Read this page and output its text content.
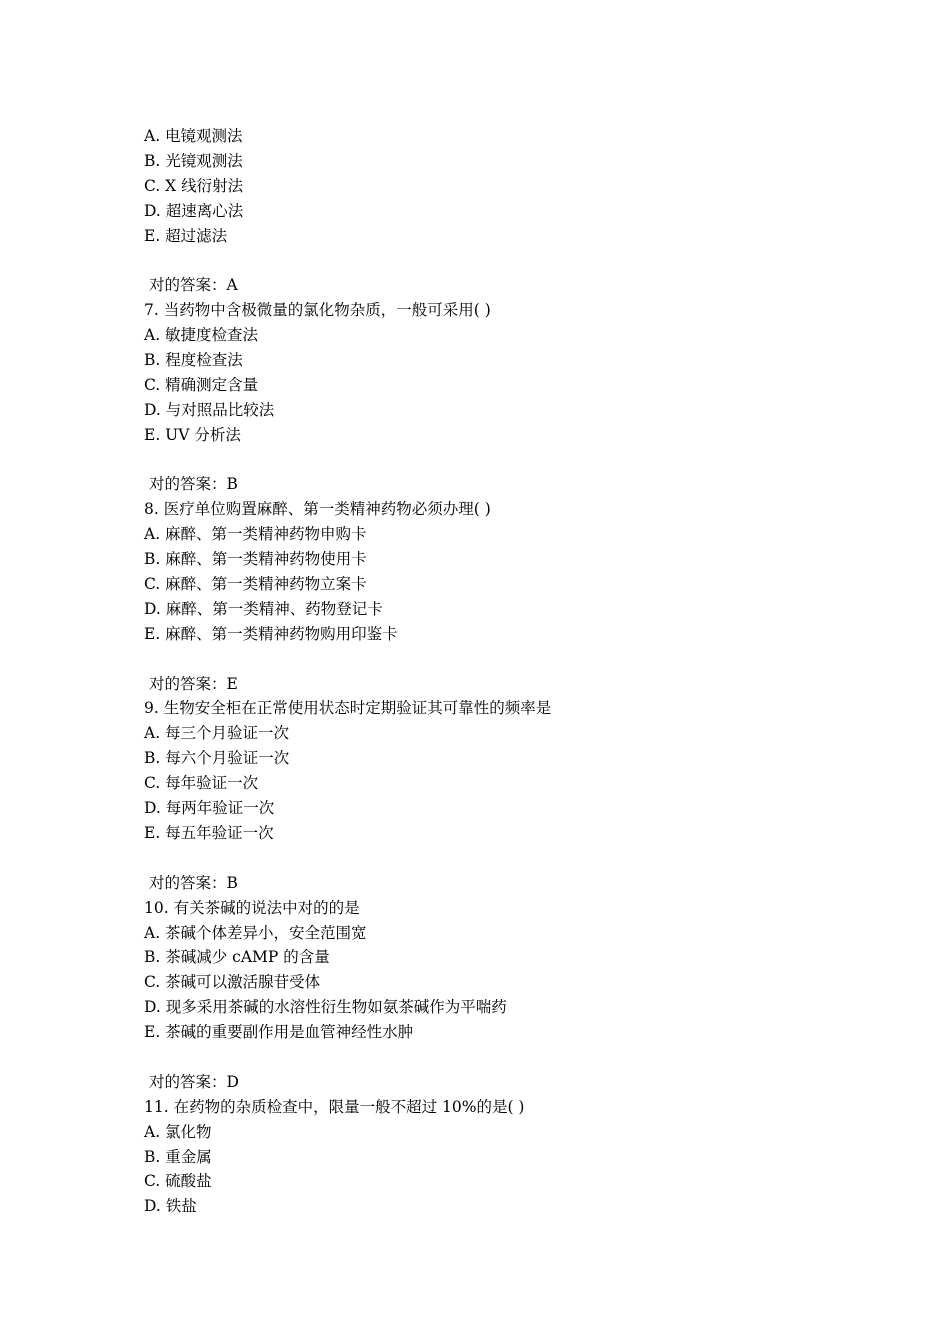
A. 电镜观测法
B. 光镜观测法
C. X 线衍射法
D. 超速离心法
E. 超过滤法
对的答案：A
7. 当药物中含极微量的氯化物杂质，一般可采用( )
A. 敏捷度检查法
B. 程度检查法
C. 精确测定含量
D. 与对照品比较法
E. UV 分析法
对的答案：B
8. 医疗单位购置麻醉、第一类精神药物必须办理( )
A. 麻醉、第一类精神药物申购卡
B. 麻醉、第一类精神药物使用卡
C. 麻醉、第一类精神药物立案卡
D. 麻醉、第一类精神、药物登记卡
E. 麻醉、第一类精神药物购用印鉴卡
对的答案：E
9. 生物安全柜在正常使用状态时定期验证其可靠性的频率是
A. 每三个月验证一次
B. 每六个月验证一次
C. 每年验证一次
D. 每两年验证一次
E. 每五年验证一次
对的答案：B
10. 有关茶碱的说法中对的的是
A. 茶碱个体差异小，安全范围宽
B. 茶碱减少 cAMP 的含量
C. 茶碱可以激活腺苷受体
D. 现多采用茶碱的水溶性衍生物如氨茶碱作为平喘药
E. 茶碱的重要副作用是血管神经性水肿
对的答案：D
11. 在药物的杂质检查中，限量一般不超过 10%的是( )
A. 氯化物
B. 重金属
C. 硫酸盐
D. 铁盐
